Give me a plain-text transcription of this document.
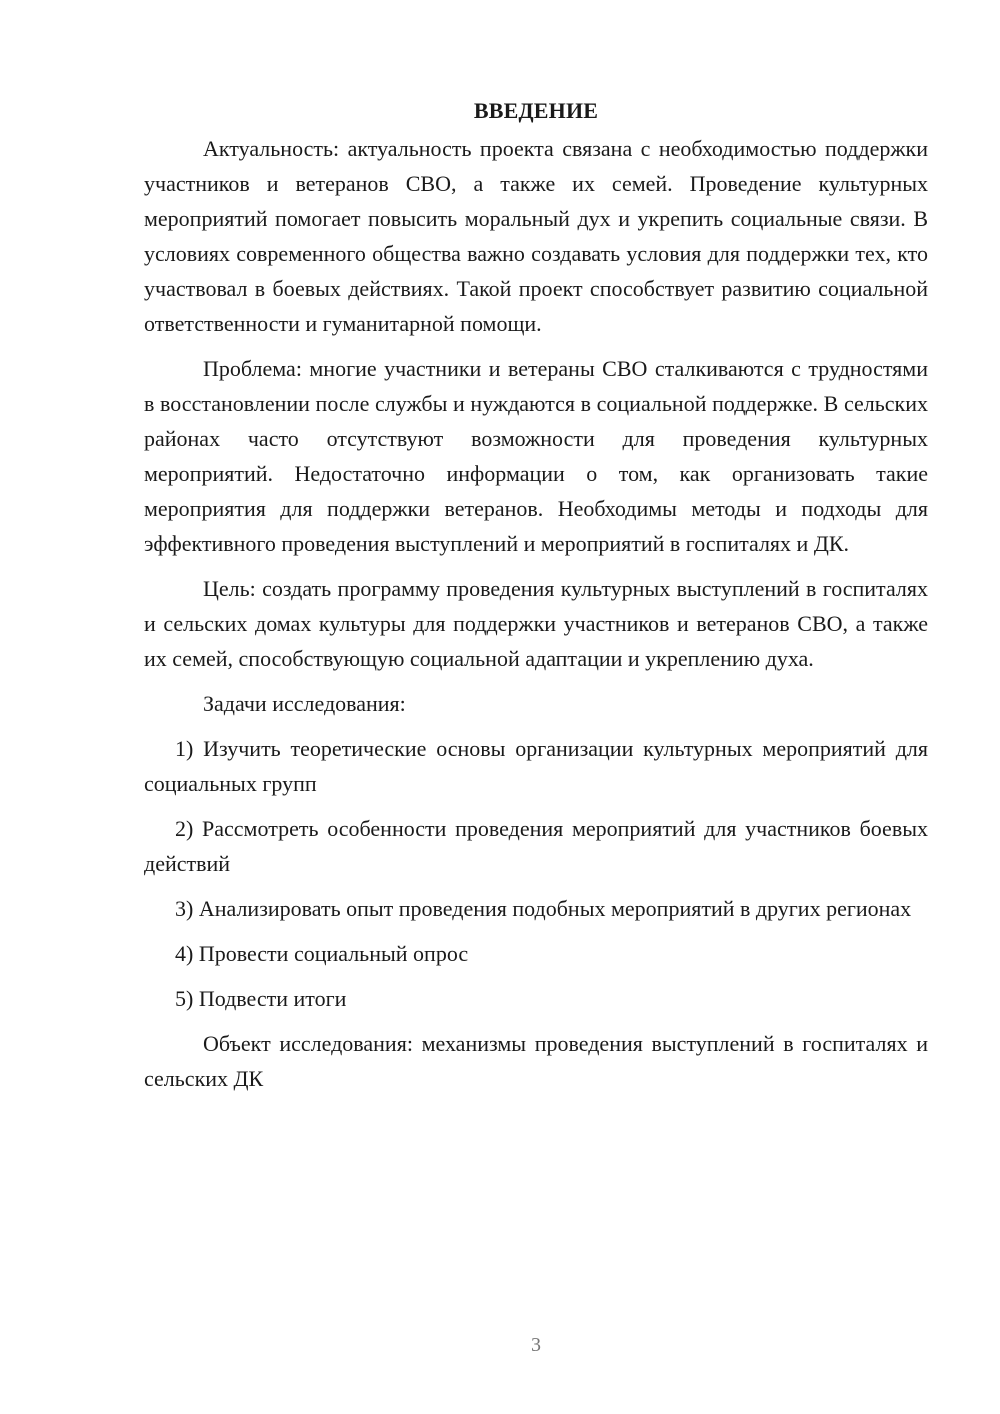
ВВЕДЕНИЕ

Актуальность: актуальность проекта связана с необходимостью поддержки участников и ветеранов СВО, а также их семей. Проведение культурных мероприятий помогает повысить моральный дух и укрепить социальные связи. В условиях современного общества важно создавать условия для поддержки тех, кто участвовал в боевых действиях. Такой проект способствует развитию социальной ответственности и гуманитарной помощи.

Проблема: многие участники и ветераны СВО сталкиваются с трудностями в восстановлении после службы и нуждаются в социальной поддержке. В сельских районах часто отсутствуют возможности для проведения культурных мероприятий. Недостаточно информации о том, как организовать такие мероприятия для поддержки ветеранов. Необходимы методы и подходы для эффективного проведения выступлений и мероприятий в госпиталях и ДК.

Цель: создать программу проведения культурных выступлений в госпиталях и сельских домах культуры для поддержки участников и ветеранов СВО, а также их семей, способствующую социальной адаптации и укреплению духа.

Задачи исследования:

1) Изучить теоретические основы организации культурных мероприятий для социальных групп

2) Рассмотреть особенности проведения мероприятий для участников боевых действий

3) Анализировать опыт проведения подобных мероприятий в других регионах

4) Провести социальный опрос

5) Подвести итоги

Объект исследования: механизмы проведения выступлений в госпиталях и сельских ДК

3
